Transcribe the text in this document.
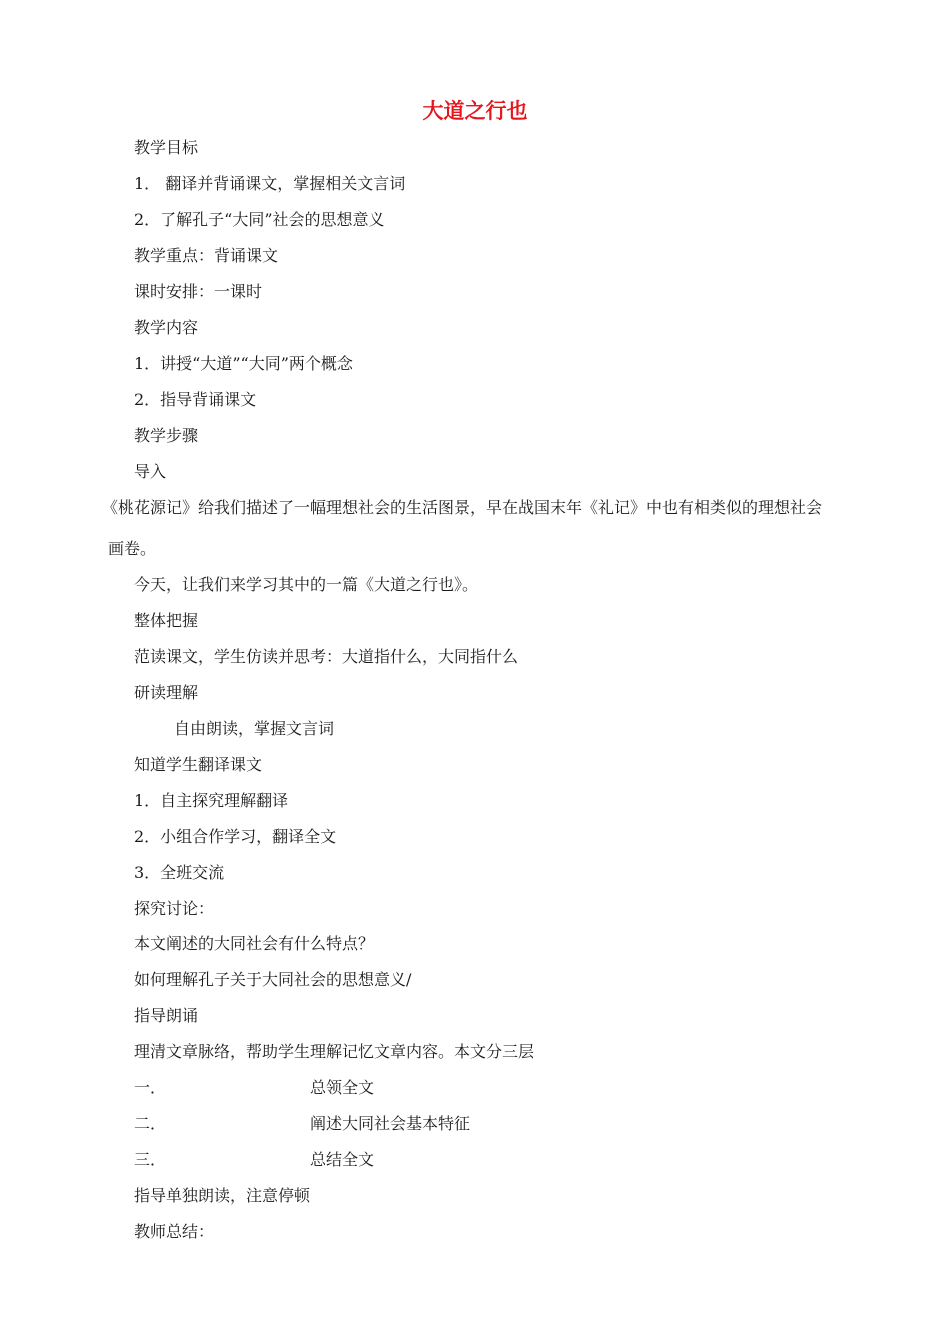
大道之行也
教学目标
1． 翻译并背诵课文，掌握相关文言词
2．了解孔子“大同”社会的思想意义
教学重点：背诵课文
课时安排：一课时
教学内容
1．讲授“大道”“大同”两个概念
2．指导背诵课文
教学步骤
导入
《桃花源记》给我们描述了一幅理想社会的生活图景，早在战国末年《礼记》中也有相类似的理想社会
画卷。
今天，让我们来学习其中的一篇《大道之行也》。
整体把握
范读课文，学生仿读并思考：大道指什么，大同指什么
研读理解
自由朗读，掌握文言词
知道学生翻译课文
1．自主探究理解翻译
2．小组合作学习，翻译全文
3．全班交流
探究讨论：
本文阐述的大同社会有什么特点？
如何理解孔子关于大同社会的思想意义/
指导朗诵
理清文章脉络，帮助学生理解记忆文章内容。本文分三层
一．	总领全文
二．	阐述大同社会基本特征
三．	总结全文
指导单独朗读，注意停顿
教师总结：
